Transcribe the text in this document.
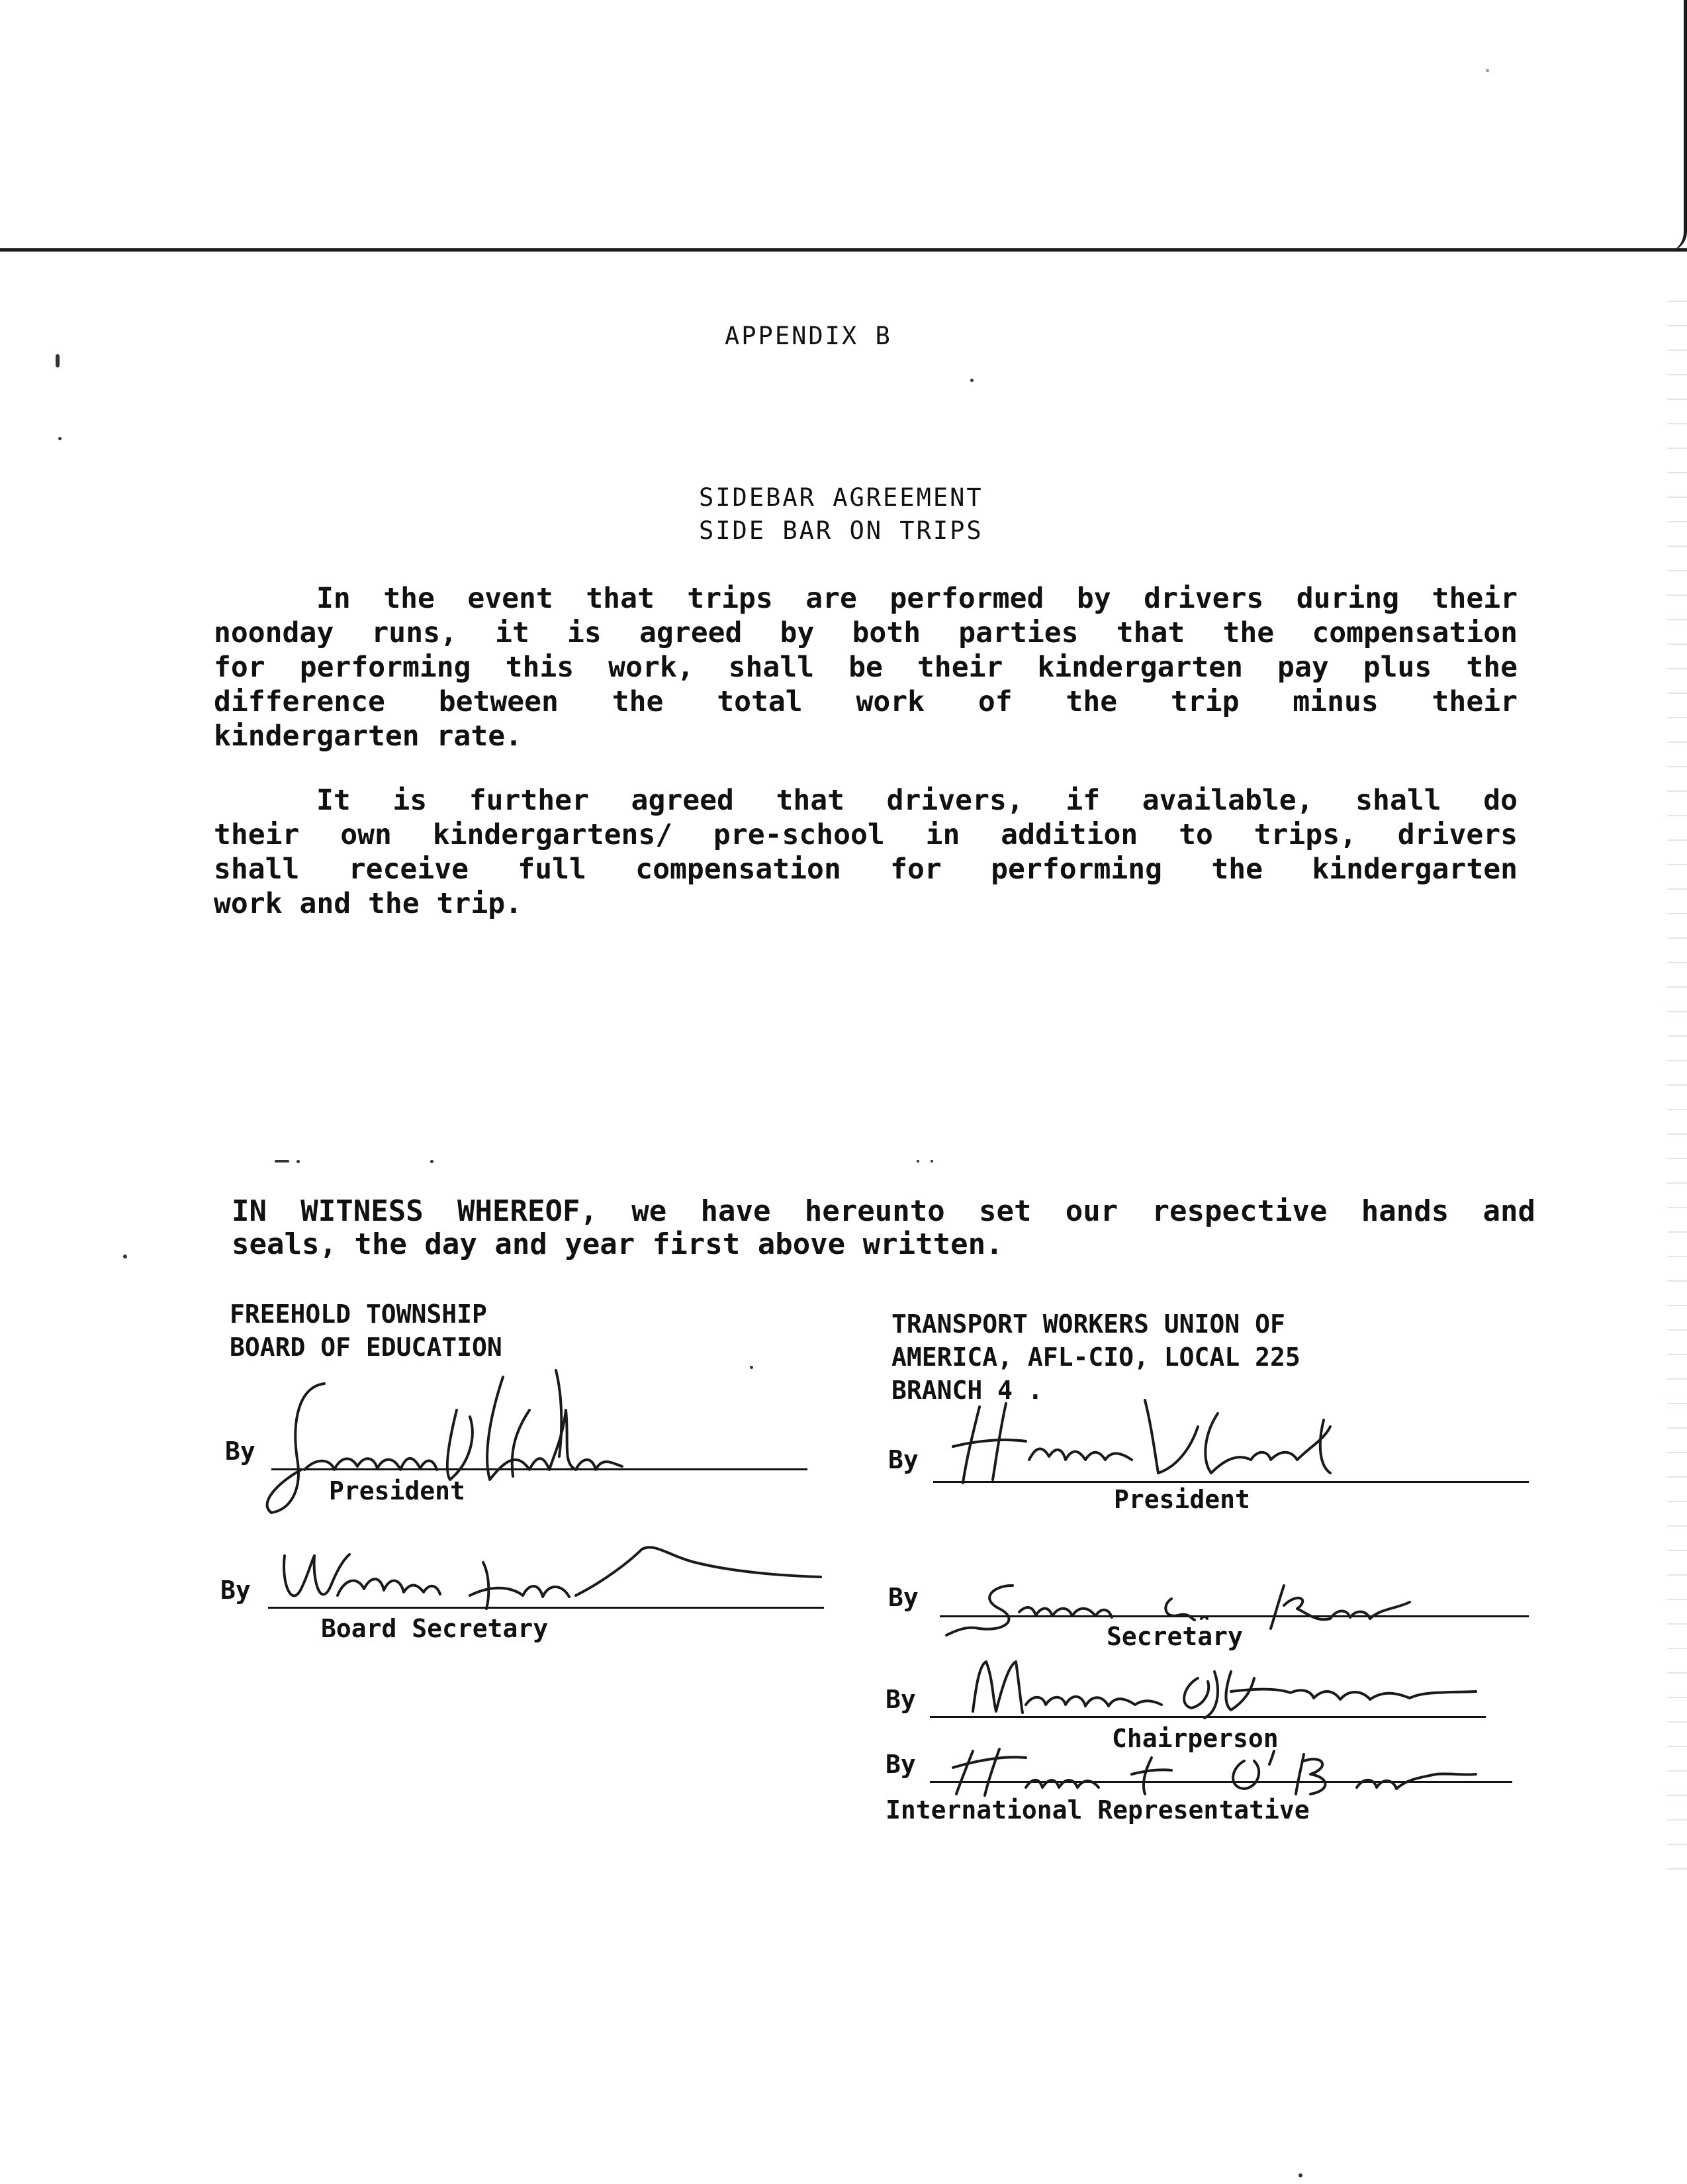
APPENDIX B
SIDEBAR AGREEMENT
SIDE BAR ON TRIPS
In the event that trips are performed by drivers during their
noonday runs, it is agreed by both parties that the compensation
for performing this work, shall be their kindergarten pay plus the
difference between the total work of the trip minus their
kindergarten rate.
It is further agreed that drivers, if available, shall do
their own kindergartens/ pre-school in addition to trips, drivers
shall receive full compensation for performing the kindergarten
work and the trip.
IN WITNESS WHEREOF, we have hereunto set our respective hands and
seals, the day and year first above written.
FREEHOLD TOWNSHIP
BOARD OF EDUCATION
By
President
By
Board Secretary
TRANSPORT WORKERS UNION OF
AMERICA, AFL-CIO, LOCAL 225
BRANCH 4 .
By
President
By
Secretary
By
Chairperson
By
International Representative
